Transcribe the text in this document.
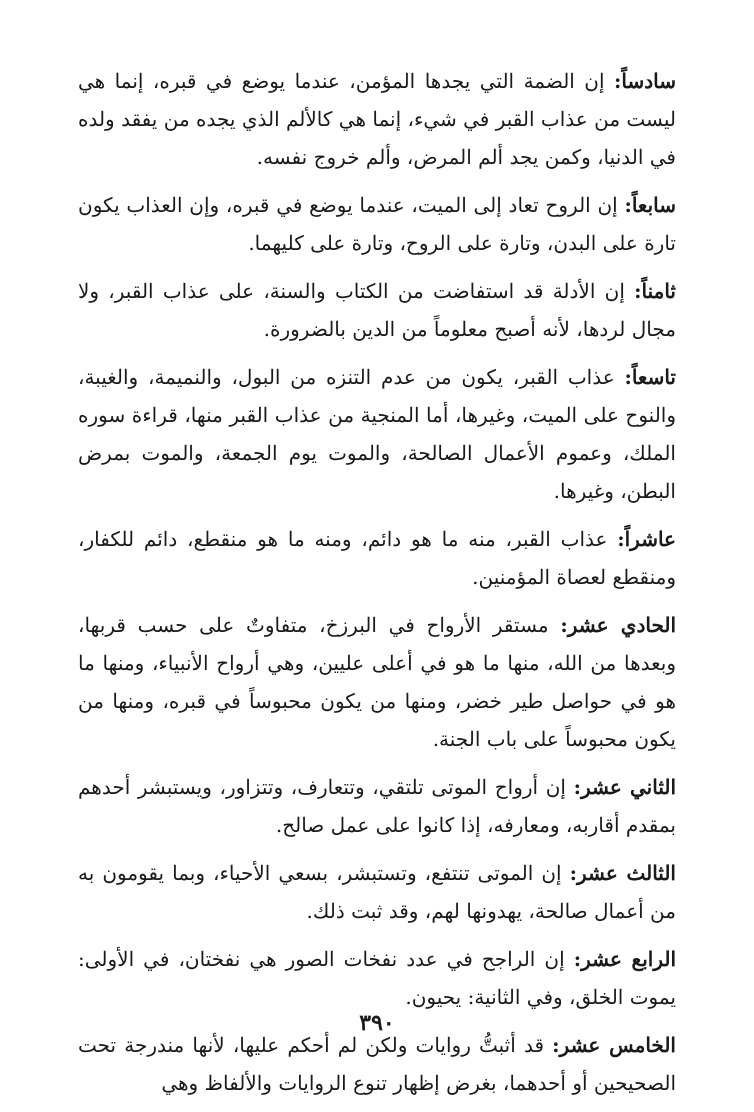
سادساً: إن الضمة التي يجدها المؤمن، عندما يوضع في قبره، إنما هي ليست من عذاب القبر في شيء، إنما هي كالألم الذي يجده من يفقد ولده في الدنيا، وكمن يجد ألم المرض، وألم خروج نفسه.

سابعاً: إن الروح تعاد إلى الميت، عندما يوضع في قبره، وإن العذاب يكون تارة على البدن، وتارة على الروح، وتارة على كليهما.

ثامناً: إن الأدلة قد استفاضت من الكتاب والسنة، على عذاب القبر، ولا مجال لردها، لأنه أصبح معلوماً من الدين بالضرورة.

تاسعاً: عذاب القبر، يكون من عدم التنزه من البول، والنميمة، والغيبة، والنوح على الميت، وغيرها، أما المنجية من عذاب القبر منها، قراءة سوره الملك، وعموم الأعمال الصالحة، والموت يوم الجمعة، والموت بمرض البطن، وغيرها.

عاشراً: عذاب القبر، منه ما هو دائم، ومنه ما هو منقطع، دائم للكفار، ومنقطع لعصاة المؤمنين.

الحادي عشر: مستقر الأرواح في البرزخ، متفاوتٌ على حسب قربها، وبعدها من الله، منها ما هو في أعلى عليين، وهي أرواح الأنبياء، ومنها ما هو في حواصل طير خضر، ومنها من يكون محبوساً في قبره، ومنها من يكون محبوساً على باب الجنة.

الثاني عشر: إن أرواح الموتى تلتقي، وتتعارف، وتتزاور، ويستبشر أحدهم بمقدم أقاربه، ومعارفه، إذا كانوا على عمل صالح.

الثالث عشر: إن الموتى تنتفع، وتستبشر، بسعي الأحياء، وبما يقومون به من أعمال صالحة، يهدونها لهم، وقد ثبت ذلك.

الرابع عشر: إن الراجح في عدد نفخات الصور هي نفختان، في الأولى: يموت الخلق، وفي الثانية: يحيون.

الخامس عشر: قد أثبتُّ روايات ولكن لم أحكم عليها، لأنها مندرجة تحت الصحيحين أو أحدهما، بغرض إظهار تنوع الروايات والألفاظ وهي

٣٩٠
